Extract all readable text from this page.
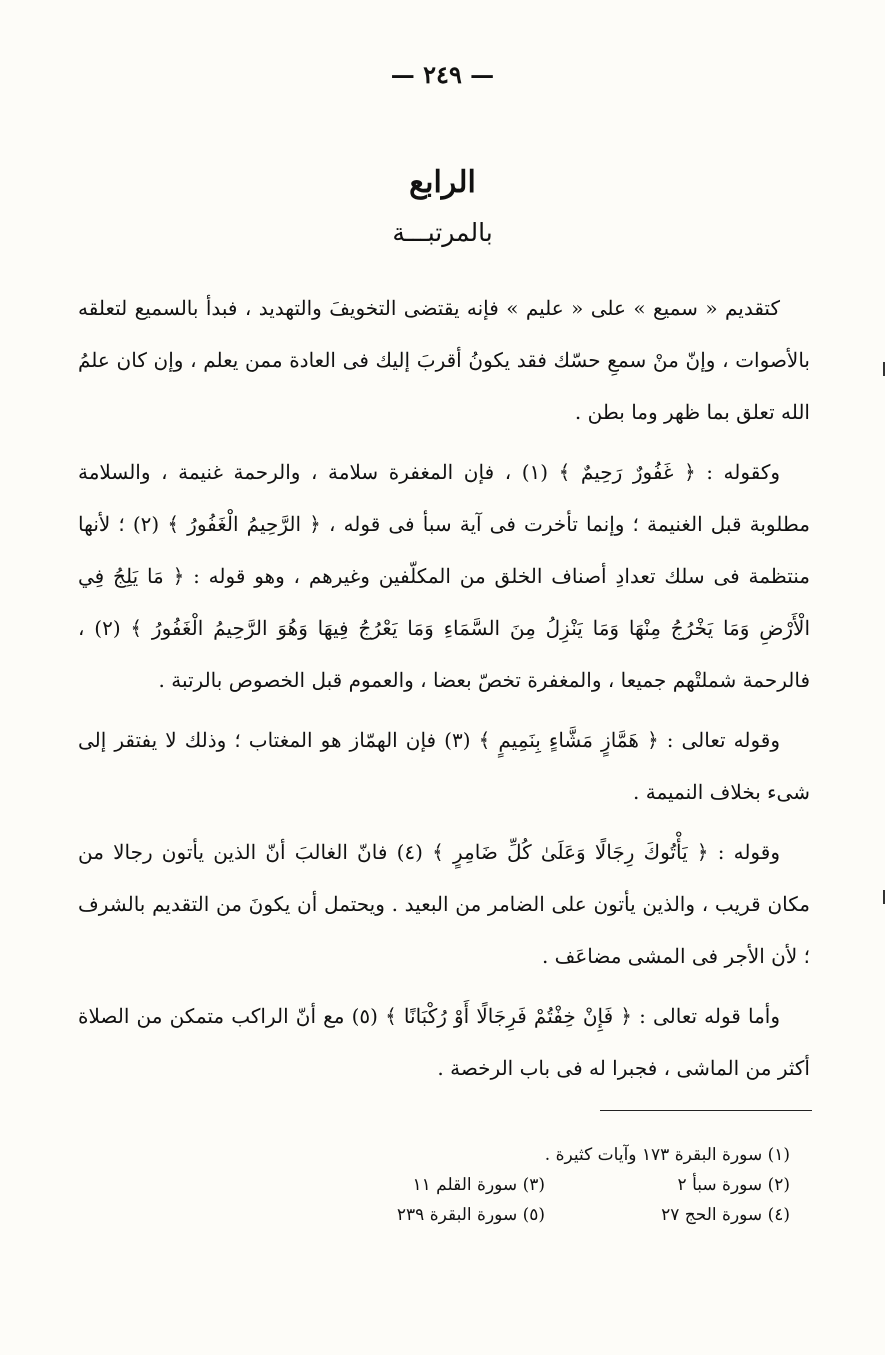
— ٢٤٩ —
الرابع
بالمرتبـــة

كتقديم « سميع » على « عليم » فإنه يقتضى التخويفَ والتهديد ، فبدأ بالسميع لتعلقه بالأصوات ، وإنّ منْ سمعِ حسّك فقد يكونُ أقربَ إليك فى العادة ممن يعلم ، وإن كان علمُ الله تعلق بما ظهر وما بطن .

وكقوله : ﴿ غَفُورٌ رَحِيمٌ ﴾ (١) ، فإن المغفرة سلامة ، والرحمة غنيمة ، والسلامة مطلوبة قبل الغنيمة ؛ وإنما تأخرت فى آية سبأ فى قوله ، ﴿ الرَّحِيمُ الْغَفُورُ ﴾ (٢) ؛ لأنها منتظمة فى سلك تعدادِ أصناف الخلق من المكلّفين وغيرهم ، وهو قوله : ﴿ مَا يَلِجُ فِي الْأَرْضِ وَمَا يَخْرُجُ مِنْهَا وَمَا يَنْزِلُ مِنَ السَّمَاءِ وَمَا يَعْرُجُ فِيهَا وَهُوَ الرَّحِيمُ الْغَفُورُ ﴾ (٢) ، فالرحمة شملتْهم جميعا ، والمغفرة تخصّ بعضا ، والعموم قبل الخصوص بالرتبة .

وقوله تعالى : ﴿ هَمَّازٍ مَشَّاءٍ بِنَمِيمٍ ﴾ (٣) فإن الهمّاز هو المغتاب ؛ وذلك لا يفتقر إلى شىء بخلاف النميمة .

وقوله : ﴿ يَأْتُوكَ رِجَالًا وَعَلَىٰ كُلِّ ضَامِرٍ ﴾ (٤) فانّ الغالبَ أنّ الذين يأتون رجالا من مكان قريب ، والذين يأتون على الضامر من البعيد . ويحتمل أن يكونَ من التقديم بالشرف ؛ لأن الأجر فى المشى مضاعَف .

وأما قوله تعالى : ﴿ فَإِنْ خِفْتُمْ فَرِجَالًا أَوْ رُكْبَانًا ﴾ (٥) مع أنّ الراكب متمكن من الصلاة أكثر من الماشى ، فجبرا له فى باب الرخصة .

(١) سورة البقرة ١٧٣ وآيات كثيرة .
(٢) سورة سبأ ٢
(٣) سورة القلم ١١
(٤) سورة الحج ٢٧
(٥) سورة البقرة ٢٣٩
